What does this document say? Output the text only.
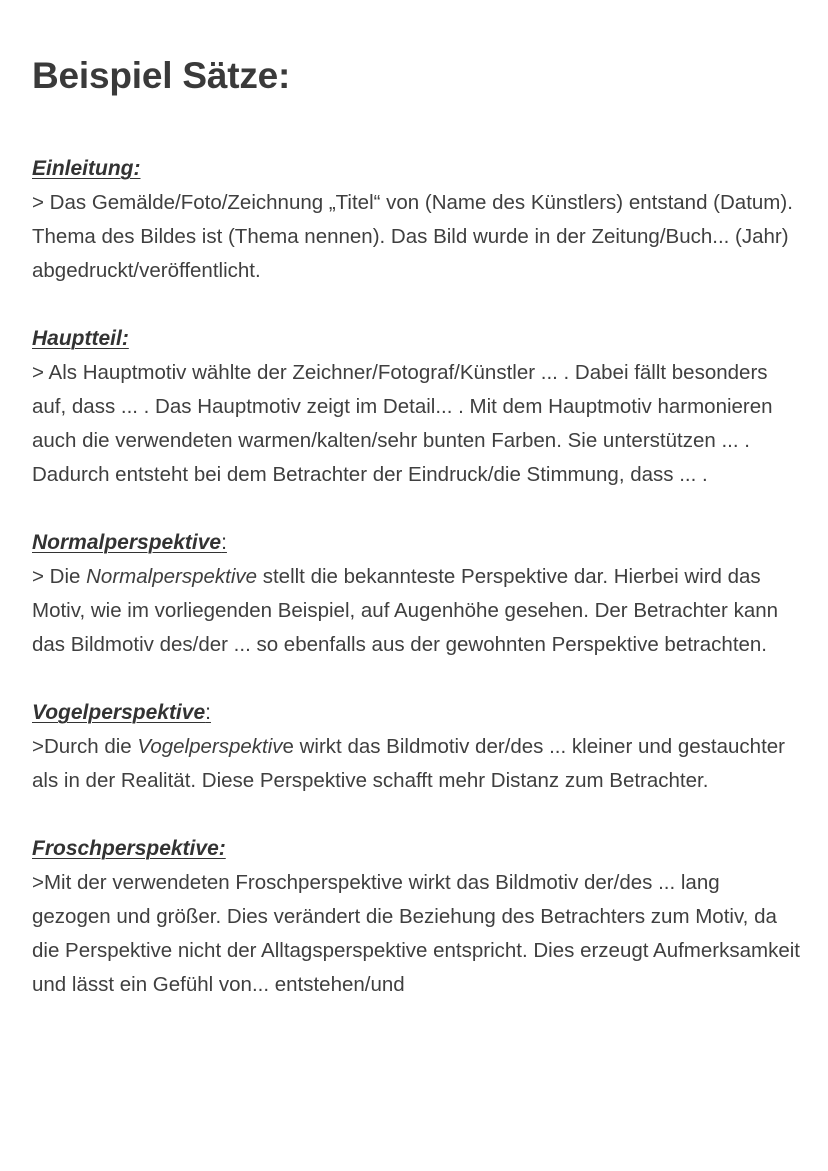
Beispiel Sätze:
Einleitung:

> Das Gemälde/Foto/Zeichnung „Titel“ von (Name des Künstlers) entstand (Datum). Thema des Bildes ist (Thema nennen). Das Bild wurde in der Zeitung/Buch... (Jahr) abgedruckt/veröffentlicht.

Hauptteil:

> Als Hauptmotiv wählte der Zeichner/Fotograf/Künstler ... . Dabei fällt besonders auf, dass ... . Das Hauptmotiv zeigt im Detail... . Mit dem Hauptmotiv harmonieren auch die verwendeten warmen/kalten/sehr bunten Farben. Sie unterstützen ... . Dadurch entsteht bei dem Betrachter der Eindruck/die Stimmung, dass ... .

Normalperspektive:

> Die Normalperspektive stellt die bekannteste Perspektive dar. Hierbei wird das Motiv, wie im vorliegenden Beispiel, auf Augenhöhe gesehen. Der Betrachter kann das Bildmotiv des/der ... so ebenfalls aus der gewohnten Perspektive betrachten.

Vogelperspektive:

>Durch die Vogelperspektive wirkt das Bildmotiv der/des ... kleiner und gestauchter als in der Realität. Diese Perspektive schafft mehr Distanz zum Betrachter.

Froschperspektive:

>Mit der verwendeten Froschperspektive wirkt das Bildmotiv der/des ... lang gezogen und größer. Dies verändert die Beziehung des Betrachters zum Motiv, da die Perspektive nicht der Alltagsperspektive entspricht. Dies erzeugt Aufmerksamkeit und lässt ein Gefühl von... entstehen/und
